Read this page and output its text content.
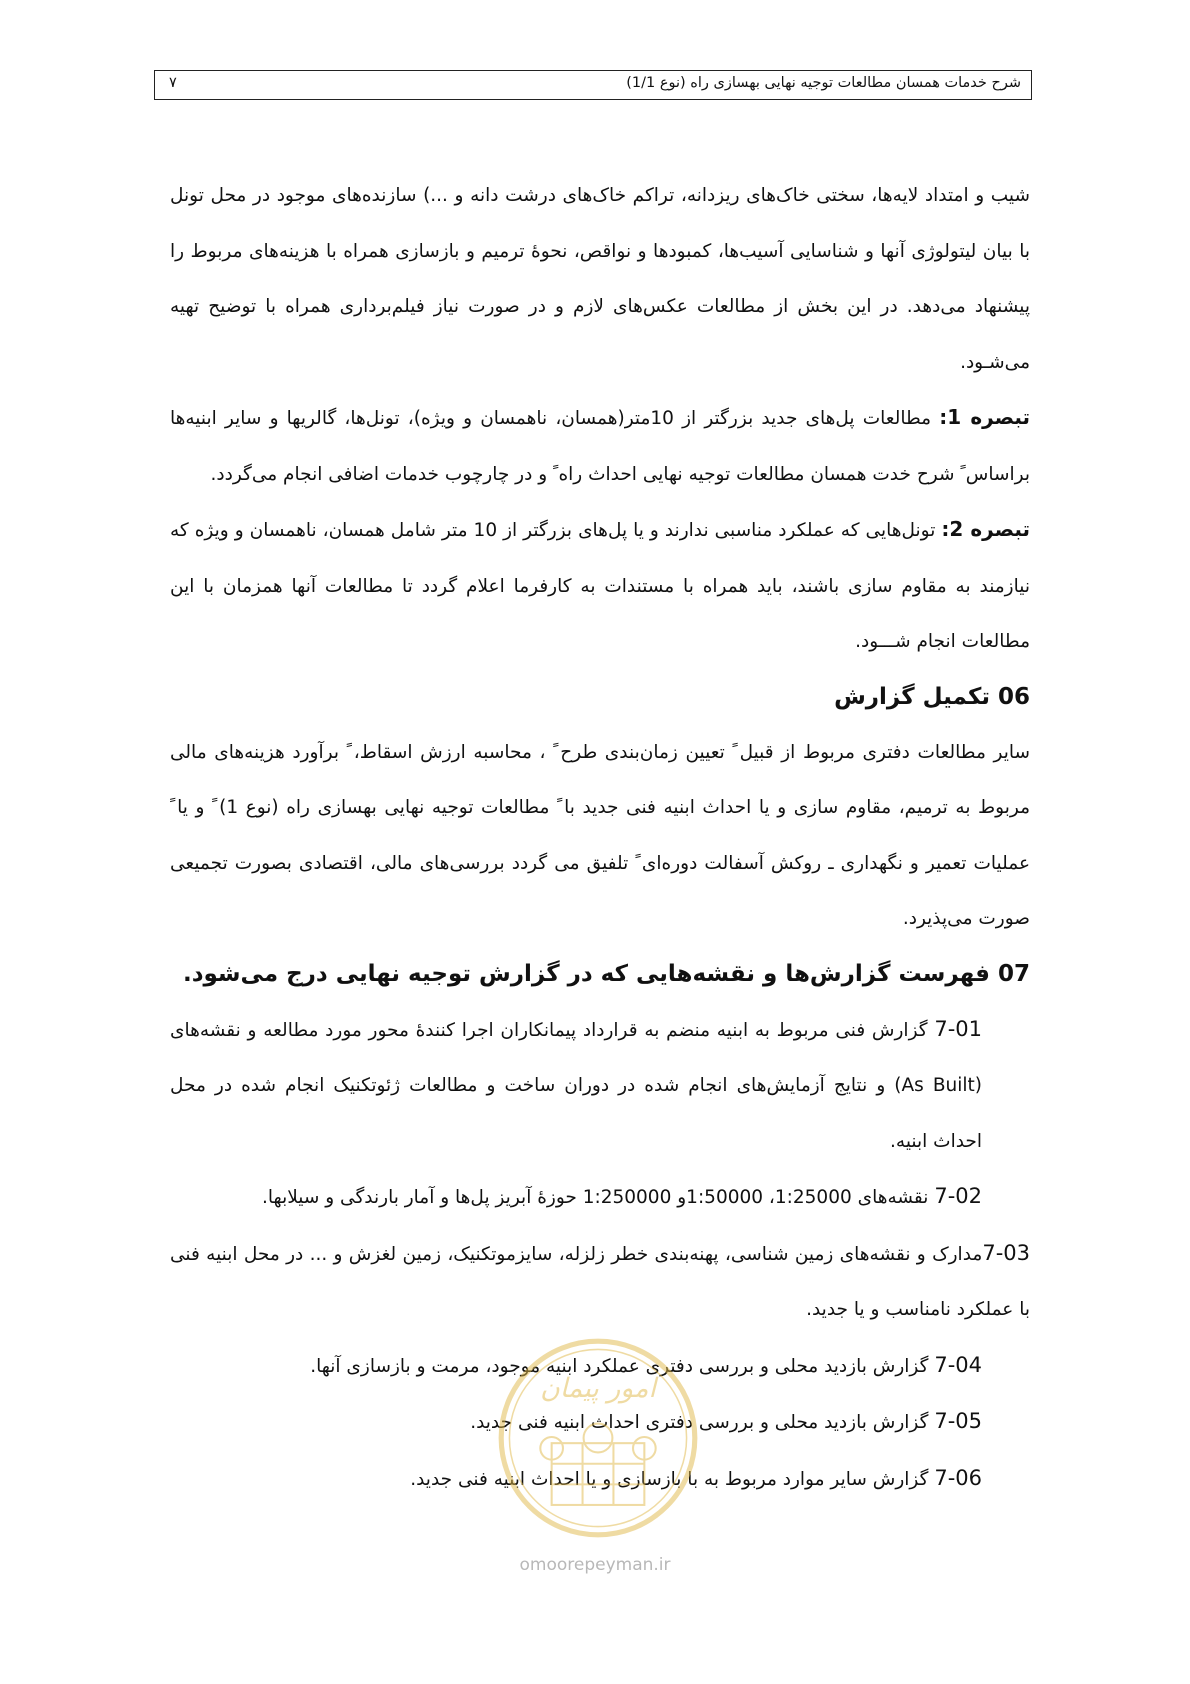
شرح خدمات همسان مطالعات توجیه نهایی بهسازی راه (نوع 1/1)
۷

شیب و امتداد لایه‌ها، سختی خاک‌های ریزدانه، تراکم خاک‌های درشت دانه و ...) سازنده‌های موجود در محل تونل با بیان لیتولوژی آنها و شناسایی آسیب‌ها، کمبودها و نواقص، نحوهٔ ترمیم و بازسازی همراه با هزینه‌های مربوط را پیشنهاد می‌دهد. در این بخش از مطالعات عکس‌های لازم و در صورت نیاز فیلم‌برداری همراه با توضیح تهیه می‌شـود.

تبصره 1: مطالعات پل‌های جدید بزرگتر از 10متر(همسان، ناهمسان و ویژه)، تونل‌ها، گالریها و سایر ابنیه‌ها براساس ً شرح خدت همسان مطالعات توجیه نهایی احداث راه ً و در چارچوب خدمات اضافی انجام می‌گردد.

تبصره 2: تونل‌هایی که عملکرد مناسبی ندارند و یا پل‌های بزرگتر از 10 متر شامل همسان، ناهمسان و ویژه که نیازمند به مقاوم سازی باشند، باید همراه با مستندات به کارفرما اعلام گردد تا مطالعات آنها همزمان با این مطالعات انجام شـــود.

06 تکمیل گزارش

سایر مطالعات دفتری مربوط از قبیل ً تعیین زمان‌بندی طرح ً ، محاسبه ارزش اسقاط، ً برآورد هزینه‌های مالی مربوط به ترمیم، مقاوم سازی و یا احداث ابنیه فنی جدید با ً مطالعات توجیه نهایی بهسازی راه (نوع 1) ً و یا ً عملیات تعمیر و نگهداری ـ روکش آسفالت دوره‌ای ً تلفیق می گردد بررسی‌های مالی، اقتصادی بصورت تجمیعی صورت می‌پذیرد.

07 فهرست گزارش‌ها و نقشه‌هایی که در گزارش توجیه نهایی درج می‌شود.

7-01 گزارش فنی مربوط به ابنیه منضم به قرارداد پیمانکاران اجرا کنندهٔ محور مورد مطالعه و نقشه‌های (As Built) و نتایج آزمایش‌های انجام شده در دوران ساخت و مطالعات ژئوتکنیک انجام شده در محل احداث ابنیه.

7-02 نقشه‌های 1:25000، 1:50000و 1:250000 حوزهٔ آبریز پل‌ها و آمار بارندگی و سیلابها.

7-03مدارک و نقشه‌های زمین شناسی، پهنه‌بندی خطر زلزله، سایزموتکنیک، زمین لغزش و ... در محل ابنیه فنی با عملکرد نامناسب و یا جدید.

7-04 گزارش بازدید محلی و بررسی دفتری عملکرد ابنیه موجود، مرمت و بازسازی آنها.

7-05 گزارش بازدید محلی و بررسی دفتری احداث ابنیه فنی جدید.

7-06 گزارش سایر موارد مربوط به با بازسازی و یا احداث ابنیه فنی جدید.

امور پیمان
omoorepeyman.ir
